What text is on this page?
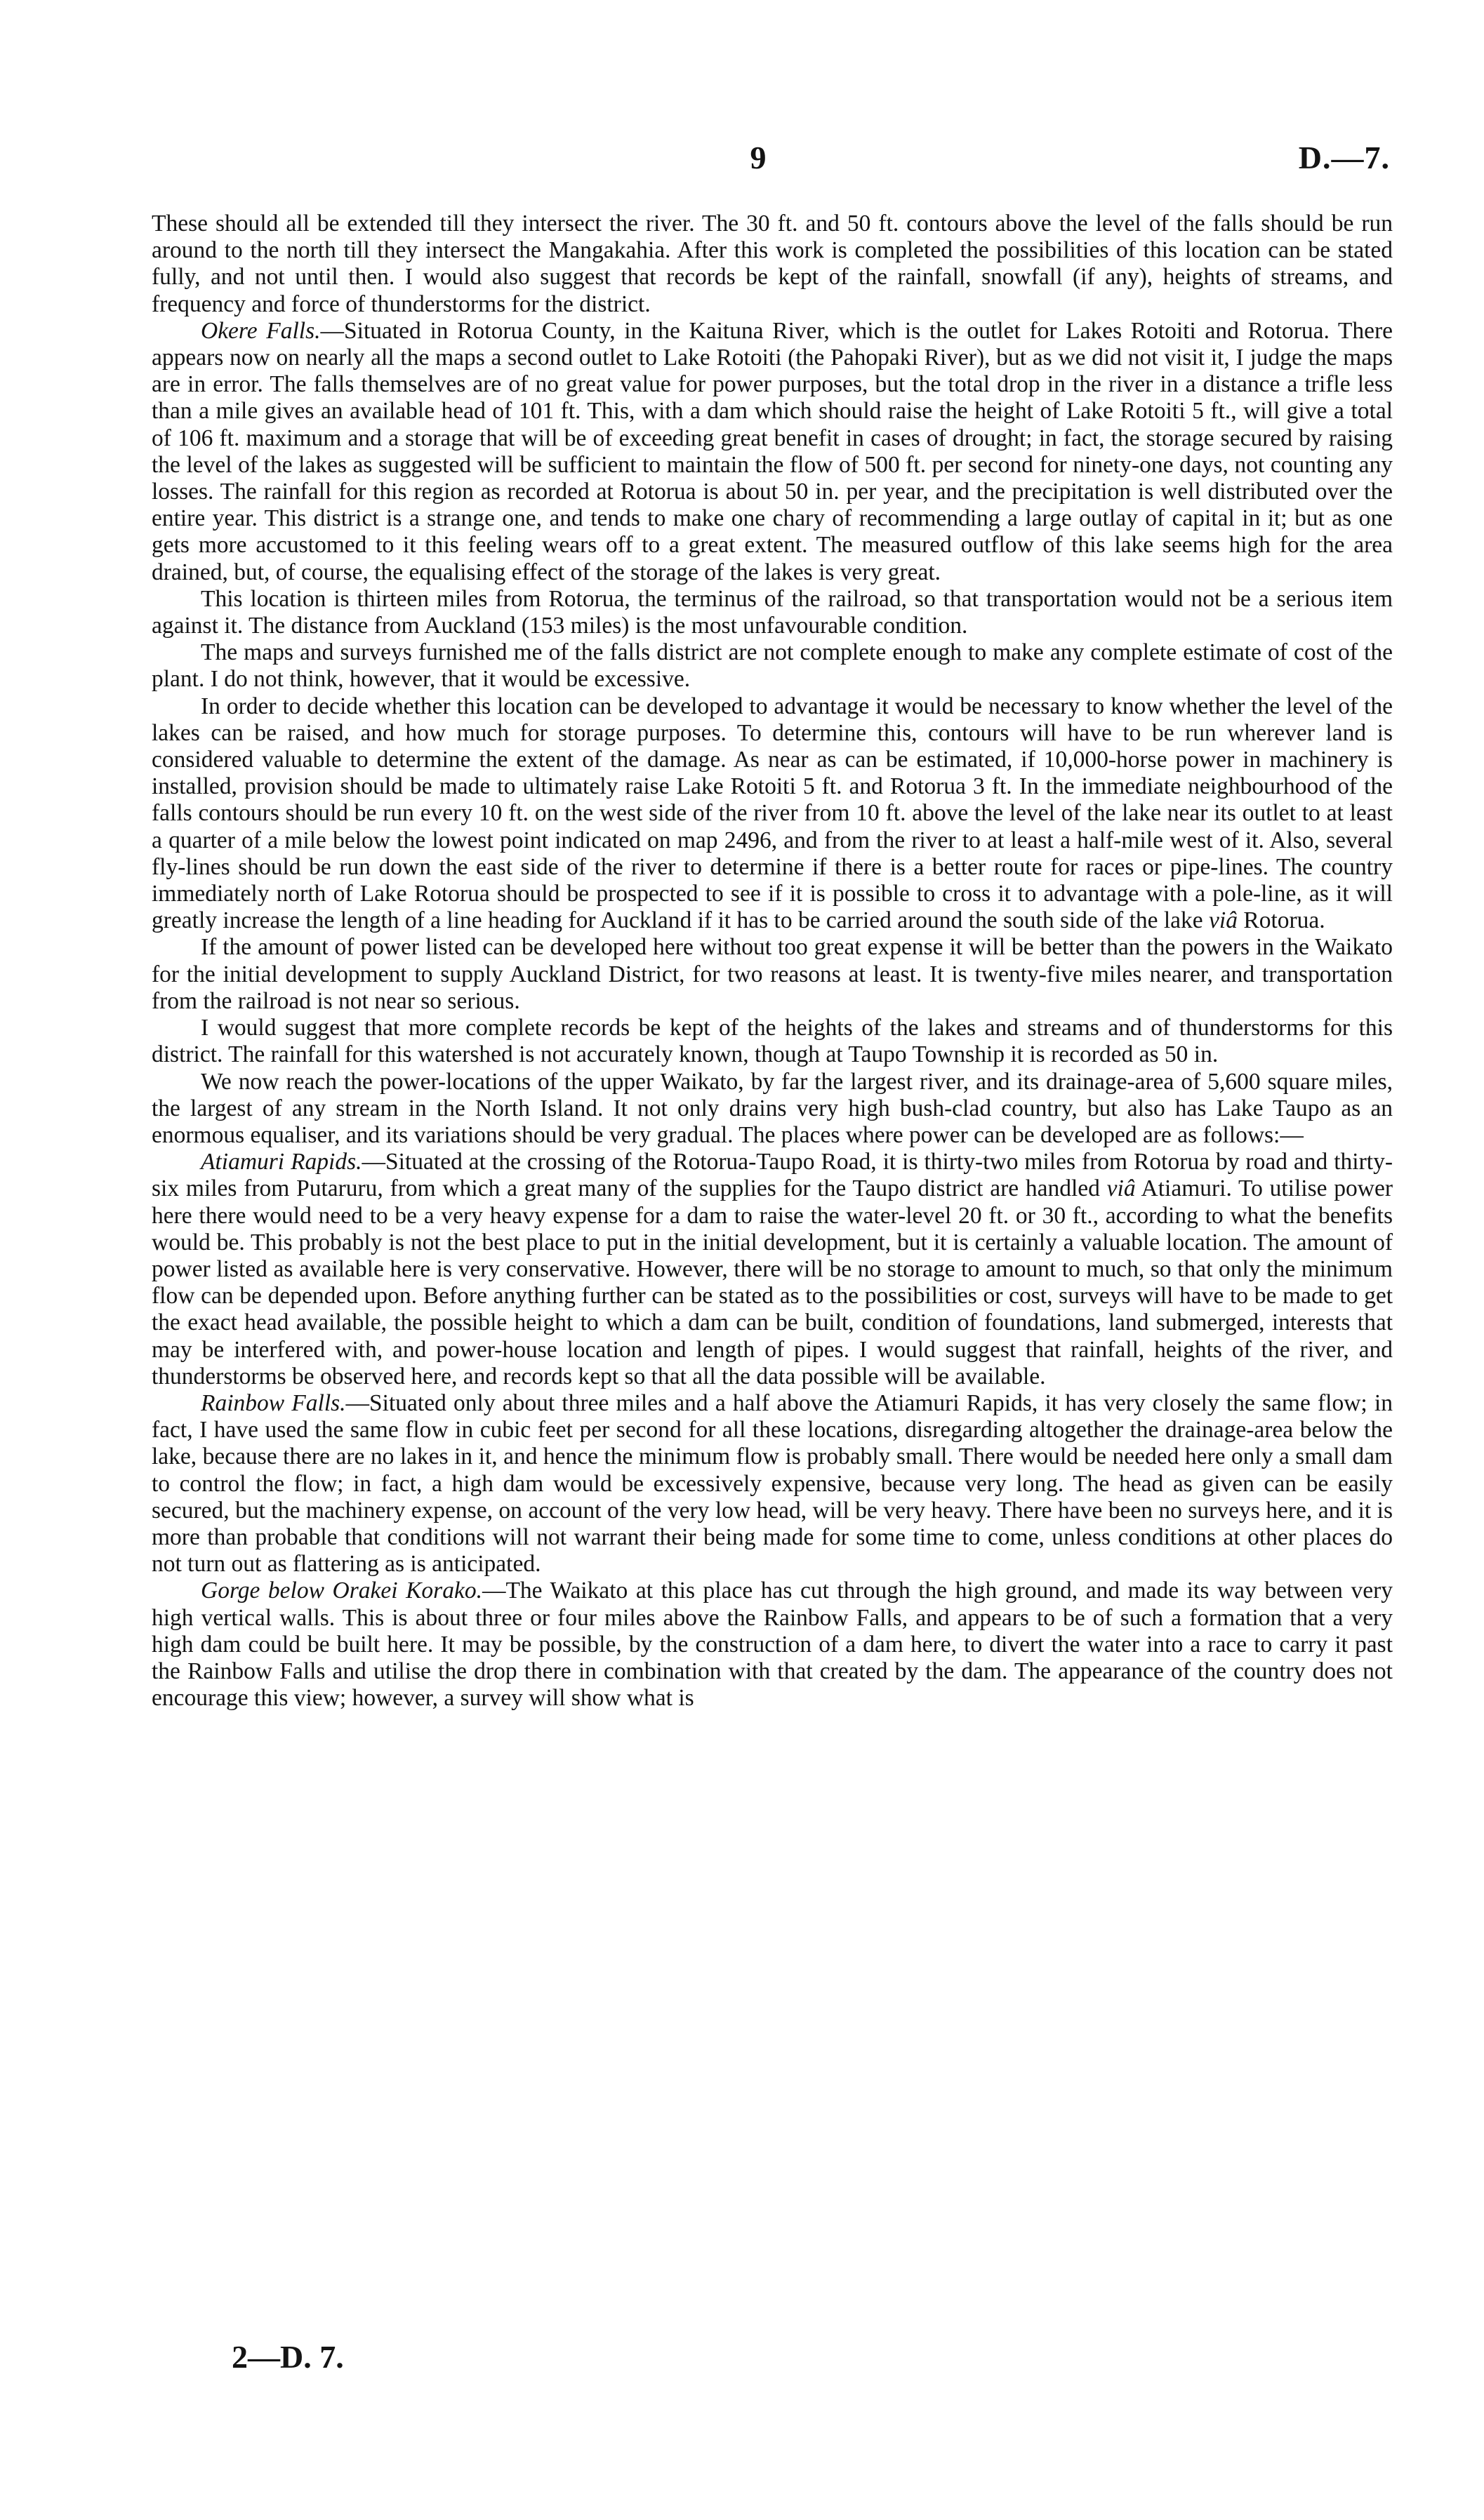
9	D.—7.

These should all be extended till they intersect the river. The 30 ft. and 50 ft. contours above the level of the falls should be run around to the north till they intersect the Mangakahia. After this work is completed the possibilities of this location can be stated fully, and not until then. I would also suggest that records be kept of the rainfall, snowfall (if any), heights of streams, and frequency and force of thunderstorms for the district.

Okere Falls.—Situated in Rotorua County, in the Kaituna River, which is the outlet for Lakes Rotoiti and Rotorua. There appears now on nearly all the maps a second outlet to Lake Rotoiti (the Pahopaki River), but as we did not visit it, I judge the maps are in error. The falls themselves are of no great value for power purposes, but the total drop in the river in a distance a trifle less than a mile gives an available head of 101 ft. This, with a dam which should raise the height of Lake Rotoiti 5 ft., will give a total of 106 ft. maximum and a storage that will be of exceeding great benefit in cases of drought; in fact, the storage secured by raising the level of the lakes as suggested will be sufficient to maintain the flow of 500 ft. per second for ninety-one days, not counting any losses. The rainfall for this region as recorded at Rotorua is about 50 in. per year, and the precipitation is well distributed over the entire year. This district is a strange one, and tends to make one chary of recommending a large outlay of capital in it; but as one gets more accustomed to it this feeling wears off to a great extent. The measured outflow of this lake seems high for the area drained, but, of course, the equalising effect of the storage of the lakes is very great.

This location is thirteen miles from Rotorua, the terminus of the railroad, so that transportation would not be a serious item against it. The distance from Auckland (153 miles) is the most unfavourable condition.

The maps and surveys furnished me of the falls district are not complete enough to make any complete estimate of cost of the plant. I do not think, however, that it would be excessive.

In order to decide whether this location can be developed to advantage it would be necessary to know whether the level of the lakes can be raised, and how much for storage purposes. To determine this, contours will have to be run wherever land is considered valuable to determine the extent of the damage. As near as can be estimated, if 10,000-horse power in machinery is installed, provision should be made to ultimately raise Lake Rotoiti 5 ft. and Rotorua 3 ft. In the immediate neighbourhood of the falls contours should be run every 10 ft. on the west side of the river from 10 ft. above the level of the lake near its outlet to at least a quarter of a mile below the lowest point indicated on map 2496, and from the river to at least a half-mile west of it. Also, several fly-lines should be run down the east side of the river to determine if there is a better route for races or pipe-lines. The country immediately north of Lake Rotorua should be prospected to see if it is possible to cross it to advantage with a pole-line, as it will greatly increase the length of a line heading for Auckland if it has to be carried around the south side of the lake viâ Rotorua.

If the amount of power listed can be developed here without too great expense it will be better than the powers in the Waikato for the initial development to supply Auckland District, for two reasons at least. It is twenty-five miles nearer, and transportation from the railroad is not near so serious.

I would suggest that more complete records be kept of the heights of the lakes and streams and of thunderstorms for this district. The rainfall for this watershed is not accurately known, though at Taupo Township it is recorded as 50 in.

We now reach the power-locations of the upper Waikato, by far the largest river, and its drainage-area of 5,600 square miles, the largest of any stream in the North Island. It not only drains very high bush-clad country, but also has Lake Taupo as an enormous equaliser, and its variations should be very gradual. The places where power can be developed are as follows:—

Atiamuri Rapids.—Situated at the crossing of the Rotorua-Taupo Road, it is thirty-two miles from Rotorua by road and thirty-six miles from Putaruru, from which a great many of the supplies for the Taupo district are handled viâ Atiamuri. To utilise power here there would need to be a very heavy expense for a dam to raise the water-level 20 ft. or 30 ft., according to what the benefits would be. This probably is not the best place to put in the initial development, but it is certainly a valuable location. The amount of power listed as available here is very conservative. However, there will be no storage to amount to much, so that only the minimum flow can be depended upon. Before anything further can be stated as to the possibilities or cost, surveys will have to be made to get the exact head available, the possible height to which a dam can be built, condition of foundations, land submerged, interests that may be interfered with, and power-house location and length of pipes. I would suggest that rainfall, heights of the river, and thunderstorms be observed here, and records kept so that all the data possible will be available.

Rainbow Falls.—Situated only about three miles and a half above the Atiamuri Rapids, it has very closely the same flow; in fact, I have used the same flow in cubic feet per second for all these locations, disregarding altogether the drainage-area below the lake, because there are no lakes in it, and hence the minimum flow is probably small. There would be needed here only a small dam to control the flow; in fact, a high dam would be excessively expensive, because very long. The head as given can be easily secured, but the machinery expense, on account of the very low head, will be very heavy. There have been no surveys here, and it is more than probable that conditions will not warrant their being made for some time to come, unless conditions at other places do not turn out as flattering as is anticipated.

Gorge below Orakei Korako.—The Waikato at this place has cut through the high ground, and made its way between very high vertical walls. This is about three or four miles above the Rainbow Falls, and appears to be of such a formation that a very high dam could be built here. It may be possible, by the construction of a dam here, to divert the water into a race to carry it past the Rainbow Falls and utilise the drop there in combination with that created by the dam. The appearance of the country does not encourage this view; however, a survey will show what is

2—D. 7.
